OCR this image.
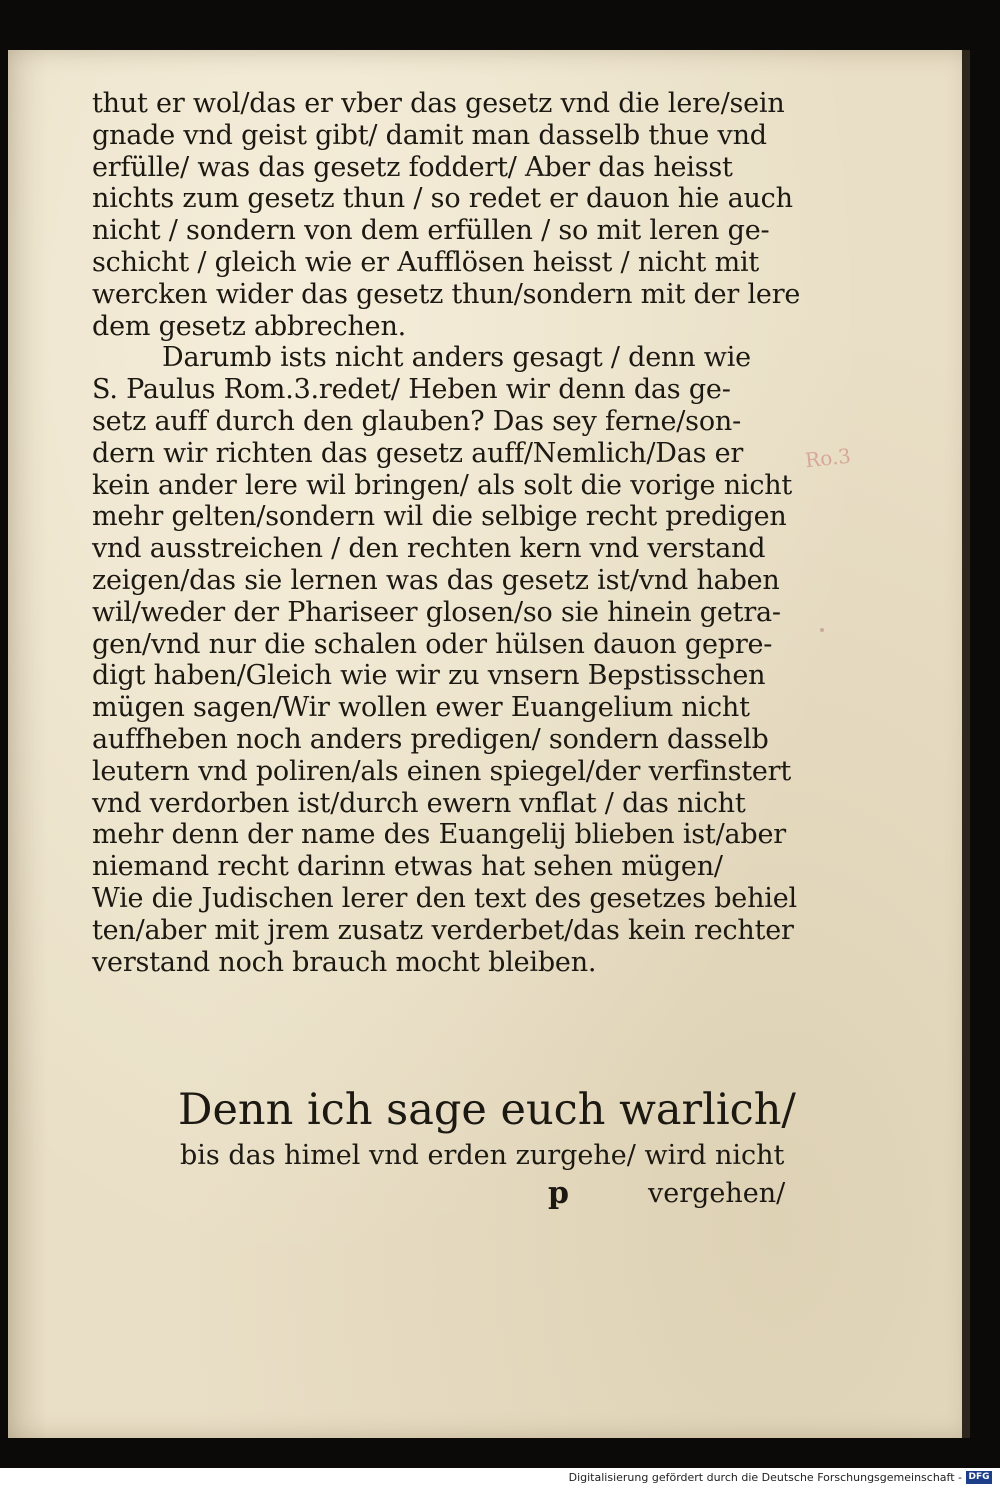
thut er wol/das er vber das gesetz vnd die lere/sein
gnade vnd geist gibt/ damit man dasselb thue vnd
erfülle/ was das gesetz foddert/ Aber das heisst
nichts zum gesetz thun / so redet er dauon hie auch
nicht / sondern von dem erfüllen / so mit leren ge-
schicht / gleich wie er Aufflösen heisst / nicht mit
wercken wider das gesetz thun/sondern mit der lere
dem gesetz abbrechen.
Darumb ists nicht anders gesagt / denn wie
S. Paulus Rom.3.redet/ Heben wir denn das ge-
setz auff durch den glauben? Das sey ferne/son-
dern wir richten das gesetz auff/Nemlich/Das er
kein ander lere wil bringen/ als solt die vorige nicht
mehr gelten/sondern wil die selbige recht predigen
vnd ausstreichen / den rechten kern vnd verstand
zeigen/das sie lernen was das gesetz ist/vnd haben
wil/weder der Phariseer glosen/so sie hinein getra-
gen/vnd nur die schalen oder hülsen dauon gepre-
digt haben/Gleich wie wir zu vnsern Bepstisschen
mügen sagen/Wir wollen ewer Euangelium nicht
auffheben noch anders predigen/ sondern dasselb
leutern vnd poliren/als einen spiegel/der verfinstert
vnd verdorben ist/durch ewern vnflat / das nicht
mehr denn der name des Euangelij blieben ist/aber
niemand recht darinn etwas hat sehen mügen/
Wie die Judischen lerer den text des gesetzes behiel
ten/aber mit jrem zusatz verderbet/das kein rechter
verstand noch brauch mocht bleiben.
Ro.3
Denn ich sage euch warlich/
bis das himel vnd erden zurgehe/ wird nicht
p	vergehen/
Digitalisierung gefördert durch die Deutsche Forschungsgemeinschaft - DFG
